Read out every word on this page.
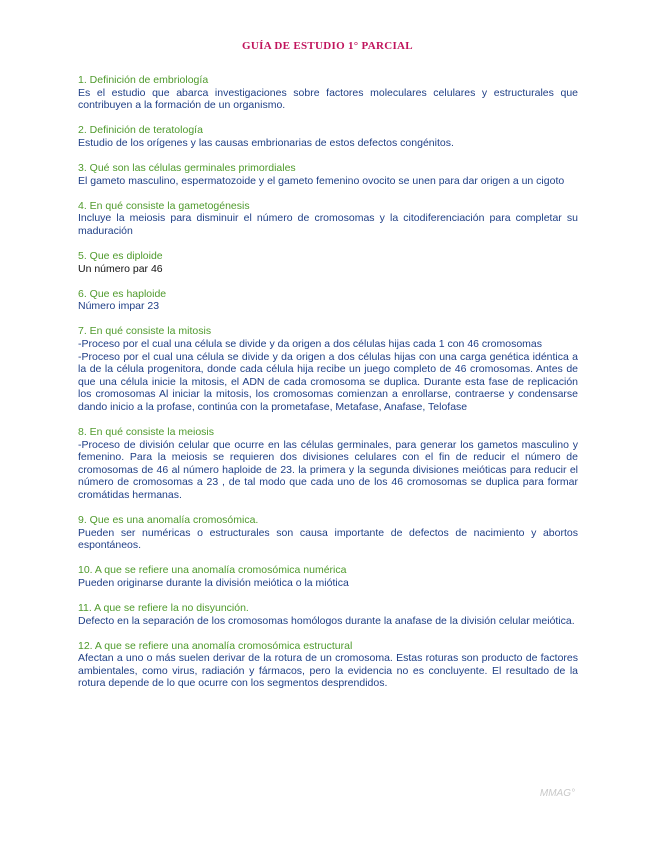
GUÍA DE ESTUDIO 1° PARCIAL
1. Definición de embriología

Es el estudio que abarca investigaciones sobre factores moleculares celulares y estructurales que contribuyen a la formación de un organismo.

2. Definición de teratología

Estudio de los orígenes y las causas embrionarias de estos defectos congénitos.

3. Qué son las células germinales primordiales

El gameto masculino, espermatozoide y el gameto femenino ovocito se unen para dar origen a un cigoto

4. En qué consiste la gametogénesis

Incluye la meiosis para disminuir el número de cromosomas y la citodiferenciación para completar su maduración

5. Que es diploide

Un número par 46

6. Que es haploide

Número impar 23

7. En qué consiste la mitosis

-Proceso por el cual una célula se divide y da origen a dos células hijas cada 1 con 46 cromosomas

-Proceso por el cual una célula se divide y da origen a dos células hijas con una carga genética idéntica a la de la célula progenitora, donde cada célula hija recibe un juego completo de 46 cromosomas. Antes de que una célula inicie la mitosis, el ADN de cada cromosoma se duplica. Durante esta fase de replicación los cromosomas Al iniciar la mitosis, los cromosomas comienzan a enrollarse, contraerse y condensarse dando inicio a la profase, continúa con la prometafase, Metafase, Anafase, Telofase

8. En qué consiste la meiosis

-Proceso de división celular que ocurre en las células germinales, para generar los gametos masculino y femenino. Para la meiosis se requieren dos divisiones celulares con el fin de reducir el número de cromosomas de 46 al número haploide de 23. la primera y la segunda divisiones meióticas para reducir el número de cromosomas a 23 , de tal modo que cada uno de los 46 cromosomas se duplica para formar cromátidas hermanas.

9. Que es una anomalía cromosómica.

Pueden ser numéricas o estructurales son causa importante de defectos de nacimiento y abortos espontáneos.

10. A que se refiere una anomalía cromosómica numérica

Pueden originarse durante la división meiótica o la miótica

11. A que se refiere la no disyunción.

Defecto en la separación de los cromosomas homólogos durante la anafase de la división celular meiótica.

12. A que se refiere una anomalía cromosómica estructural

Afectan a uno o más suelen derivar de la rotura de un cromosoma. Estas roturas son producto de factores ambientales, como virus, radiación y fármacos, pero la evidencia no es concluyente. El resultado de la rotura depende de lo que ocurre con los segmentos desprendidos.

MMAG°
